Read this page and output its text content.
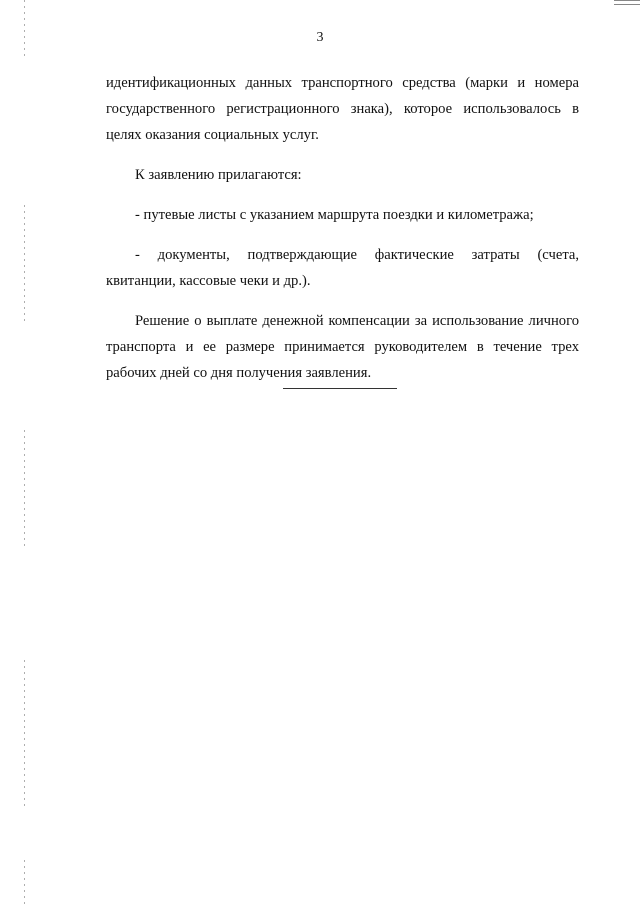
3

идентификационных данных транспортного средства (марки и номера государственного регистрационного знака), которое использовалось в целях оказания социальных услуг.

К заявлению прилагаются:

- путевые листы с указанием маршрута поездки и километража;

- документы, подтверждающие фактические затраты (счета, квитанции, кассовые чеки и др.).

Решение о выплате денежной компенсации за использование личного транспорта и ее размере принимается руководителем в течение трех рабочих дней со дня получения заявления.
